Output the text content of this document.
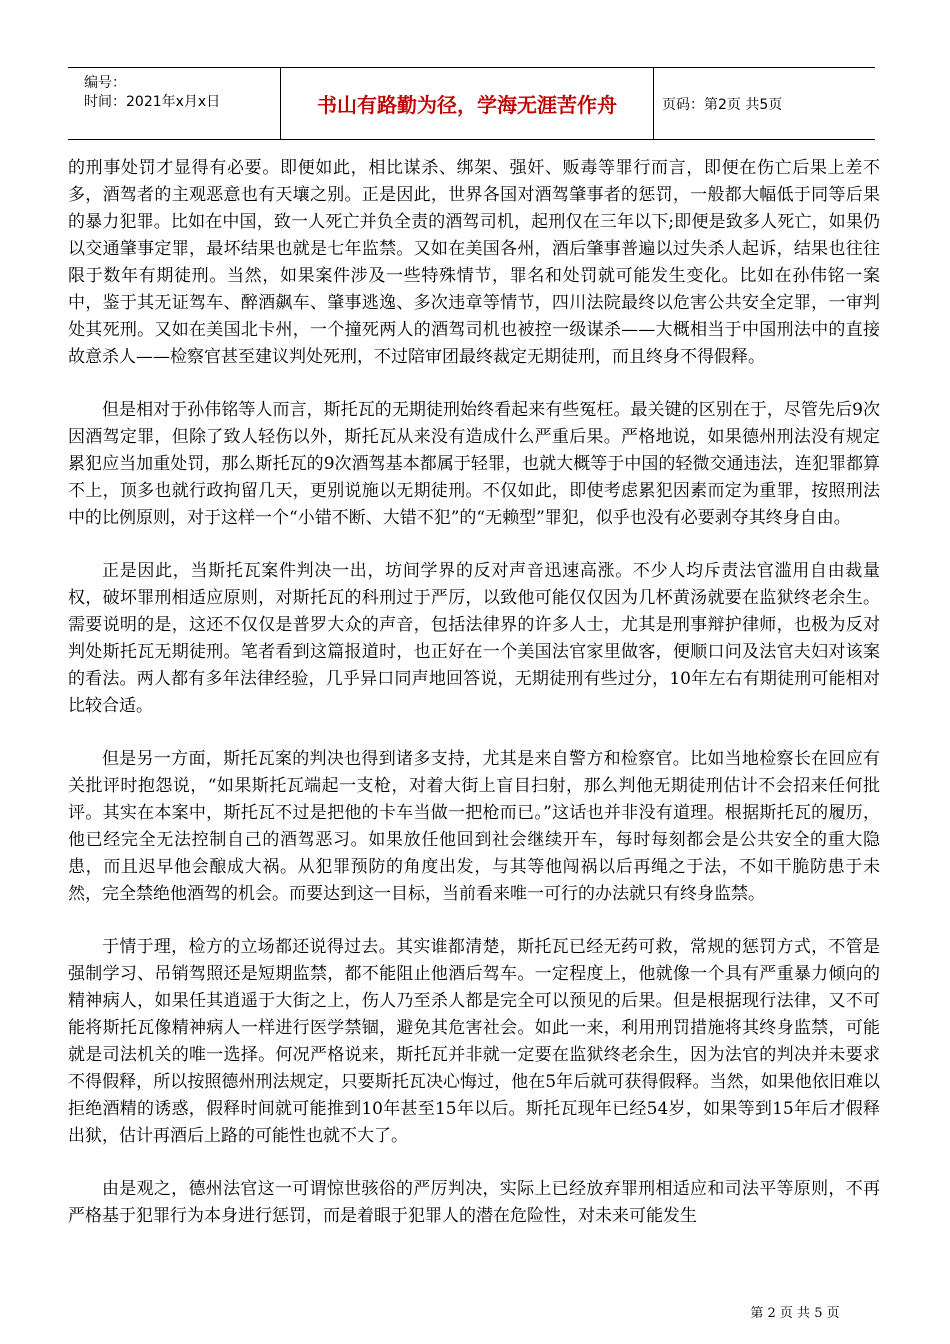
编号：
时间：2021年x月x日	书山有路勤为径，学海无涯苦作舟	页码：第2页 共5页

的刑事处罚才显得有必要。即便如此，相比谋杀、绑架、强奸、贩毒等罪行而言，即便在伤亡后果上差不多，酒驾者的主观恶意也有天壤之别。正是因此，世界各国对酒驾肇事者的惩罚，一般都大幅低于同等后果的暴力犯罪。比如在中国，致一人死亡并负全责的酒驾司机，起刑仅在三年以下;即便是致多人死亡，如果仍以交通肇事定罪，最坏结果也就是七年监禁。又如在美国各州，酒后肇事普遍以过失杀人起诉，结果也往往限于数年有期徒刑。当然，如果案件涉及一些特殊情节，罪名和处罚就可能发生变化。比如在孙伟铭一案中，鉴于其无证驾车、醉酒飙车、肇事逃逸、多次违章等情节，四川法院最终以危害公共安全定罪，一审判处其死刑。又如在美国北卡州，一个撞死两人的酒驾司机也被控一级谋杀——大概相当于中国刑法中的直接故意杀人——检察官甚至建议判处死刑，不过陪审团最终裁定无期徒刑，而且终身不得假释。

但是相对于孙伟铭等人而言，斯托瓦的无期徒刑始终看起来有些冤枉。最关键的区别在于，尽管先后9次因酒驾定罪，但除了致人轻伤以外，斯托瓦从来没有造成什么严重后果。严格地说，如果德州刑法没有规定累犯应当加重处罚，那么斯托瓦的9次酒驾基本都属于轻罪，也就大概等于中国的轻微交通违法，连犯罪都算不上，顶多也就行政拘留几天，更别说施以无期徒刑。不仅如此，即使考虑累犯因素而定为重罪，按照刑法中的比例原则，对于这样一个“小错不断、大错不犯”的“无赖型”罪犯，似乎也没有必要剥夺其终身自由。

正是因此，当斯托瓦案件判决一出，坊间学界的反对声音迅速高涨。不少人均斥责法官滥用自由裁量权，破坏罪刑相适应原则，对斯托瓦的科刑过于严厉，以致他可能仅仅因为几杯黄汤就要在监狱终老余生。需要说明的是，这还不仅仅是普罗大众的声音，包括法律界的许多人士，尤其是刑事辩护律师，也极为反对判处斯托瓦无期徒刑。笔者看到这篇报道时，也正好在一个美国法官家里做客，便顺口问及法官夫妇对该案的看法。两人都有多年法律经验，几乎异口同声地回答说，无期徒刑有些过分，10年左右有期徒刑可能相对比较合适。

但是另一方面，斯托瓦案的判决也得到诸多支持，尤其是来自警方和检察官。比如当地检察长在回应有关批评时抱怨说，“如果斯托瓦端起一支枪，对着大街上盲目扫射，那么判他无期徒刑估计不会招来任何批评。其实在本案中，斯托瓦不过是把他的卡车当做一把枪而已。”这话也并非没有道理。根据斯托瓦的履历，他已经完全无法控制自己的酒驾恶习。如果放任他回到社会继续开车，每时每刻都会是公共安全的重大隐患，而且迟早他会酿成大祸。从犯罪预防的角度出发，与其等他闯祸以后再绳之于法，不如干脆防患于未然，完全禁绝他酒驾的机会。而要达到这一目标，当前看来唯一可行的办法就只有终身监禁。

于情于理，检方的立场都还说得过去。其实谁都清楚，斯托瓦已经无药可救，常规的惩罚方式，不管是强制学习、吊销驾照还是短期监禁，都不能阻止他酒后驾车。一定程度上，他就像一个具有严重暴力倾向的精神病人，如果任其逍遥于大街之上，伤人乃至杀人都是完全可以预见的后果。但是根据现行法律，又不可能将斯托瓦像精神病人一样进行医学禁锢，避免其危害社会。如此一来，利用刑罚措施将其终身监禁，可能就是司法机关的唯一选择。何况严格说来，斯托瓦并非就一定要在监狱终老余生，因为法官的判决并未要求不得假释，所以按照德州刑法规定，只要斯托瓦决心悔过，他在5年后就可获得假释。当然，如果他依旧难以拒绝酒精的诱惑，假释时间就可能推到10年甚至15年以后。斯托瓦现年已经54岁，如果等到15年后才假释出狱，估计再酒后上路的可能性也就不大了。

由是观之，德州法官这一可谓惊世骇俗的严厉判决，实际上已经放弃罪刑相适应和司法平等原则，不再严格基于犯罪行为本身进行惩罚，而是着眼于犯罪人的潜在危险性，对未来可能发生

第 2 页 共 5 页
